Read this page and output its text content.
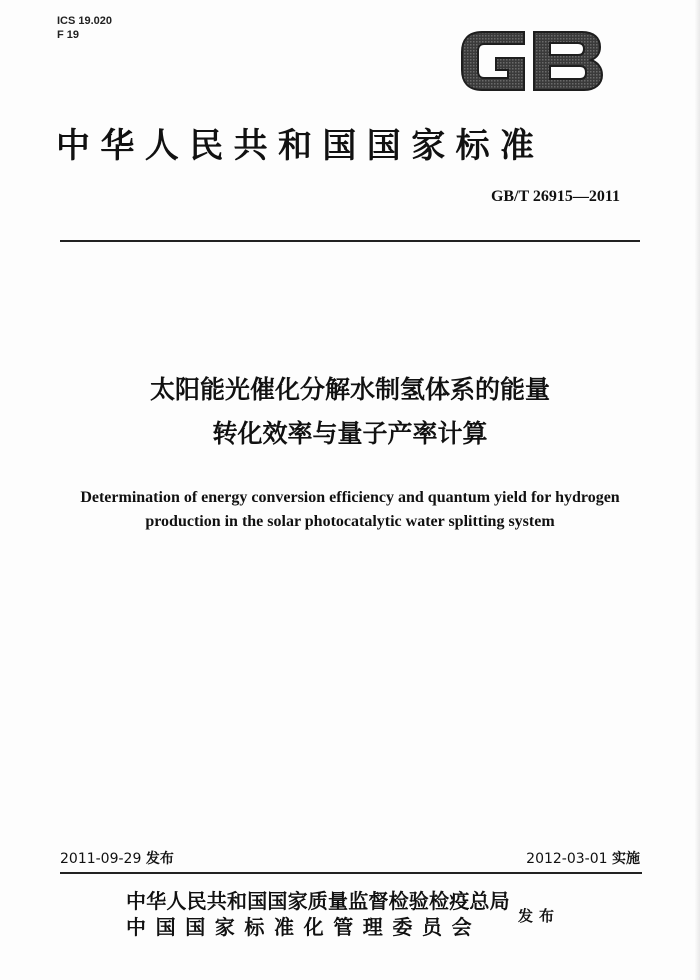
ICS 19.020
F 19
中华人民共和国国家标准
GB/T 26915—2011
太阳能光催化分解水制氢体系的能量
转化效率与量子产率计算
Determination of energy conversion efficiency and quantum yield for hydrogen
production in the solar photocatalytic water splitting system
2011-09-29 发布	2012-03-01 实施
中华人民共和国国家质量监督检验检疫总局
中国国家标准化管理委员会	发布
